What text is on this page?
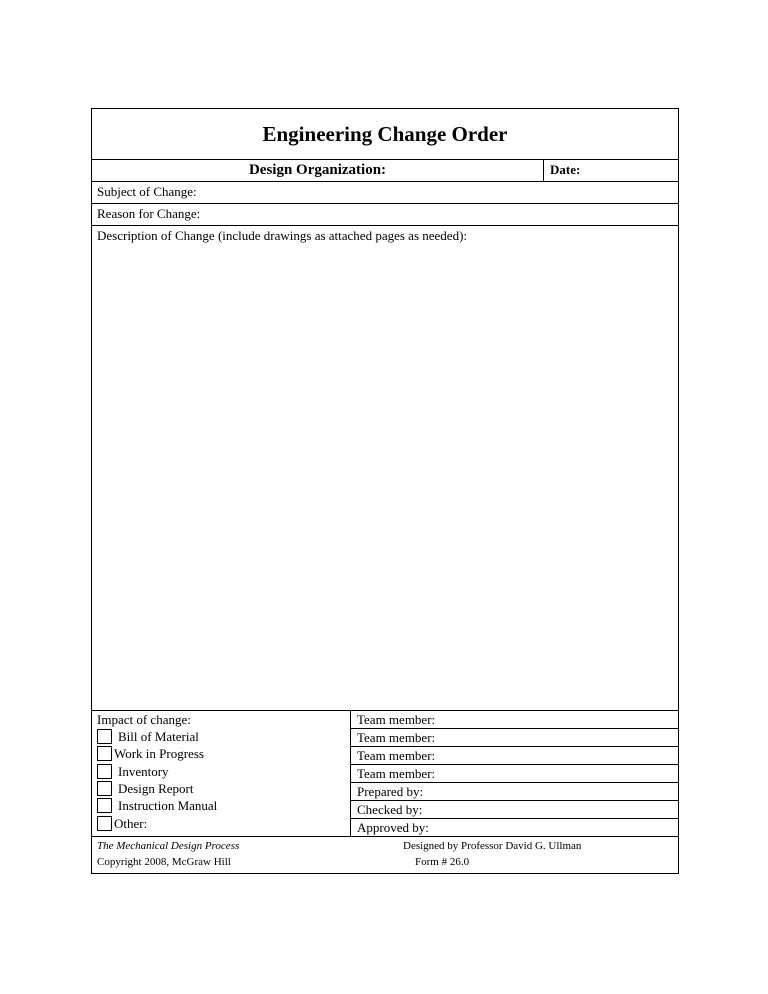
Engineering Change Order
Design Organization:	Date:
Subject of Change:
Reason for Change:
Description of Change (include drawings as attached pages as needed):
Impact of change:
Bill of Material
Work in Progress
Inventory
Design Report
Instruction Manual
Other:
Team member:
Team member:
Team member:
Team member:
Prepared by:
Checked by:
Approved by:
The Mechanical Design Process
Copyright 2008, McGraw Hill
Designed by Professor David G. Ullman
Form # 26.0
